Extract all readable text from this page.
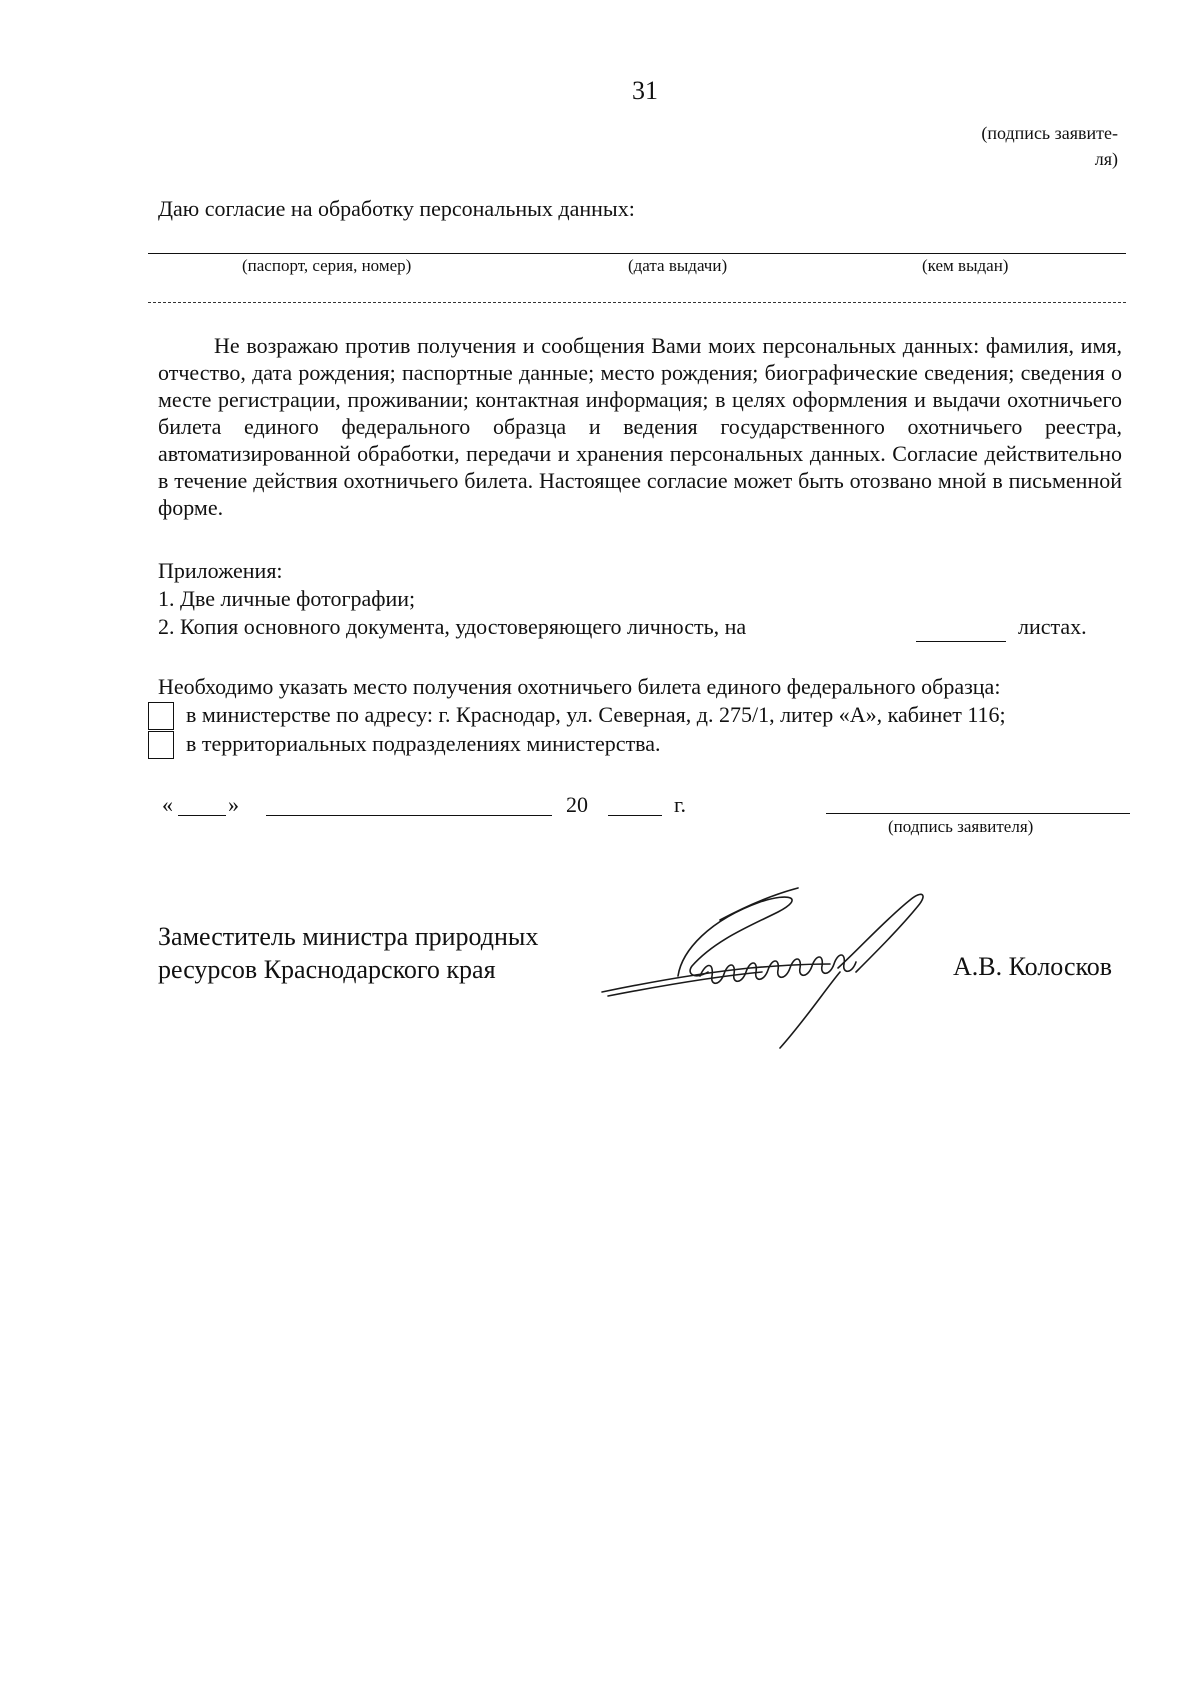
31
(подпись заявите-
ля)
Даю согласие на обработку персональных данных:
(паспорт, серия, номер)	(дата выдачи)	(кем выдан)
Не возражаю против получения и сообщения Вами моих персональных данных: фамилия, имя, отчество, дата рождения; паспортные данные; место рождения; биографические сведения; сведения о месте регистрации, проживании; контактная информация; в целях оформления и выдачи охотничьего билета единого федерального образца и ведения государственного охотничьего реестра, автоматизированной обработки, передачи и хранения персональных данных. Согласие действительно в течение действия охотничьего билета. Настоящее согласие может быть отозвано мной в письменной форме.
Приложения:
1. Две личные фотографии;
2. Копия основного документа, удостоверяющего личность, на	листах.
Необходимо указать место получения охотничьего билета единого федерального образца:
в министерстве по адресу: г. Краснодар, ул. Северная, д. 275/1, литер «А», кабинет 116;
в территориальных подразделениях министерства.
«	»	20	г.
(подпись заявителя)
Заместитель министра природных
ресурсов Краснодарского края	А.В. Колосков
